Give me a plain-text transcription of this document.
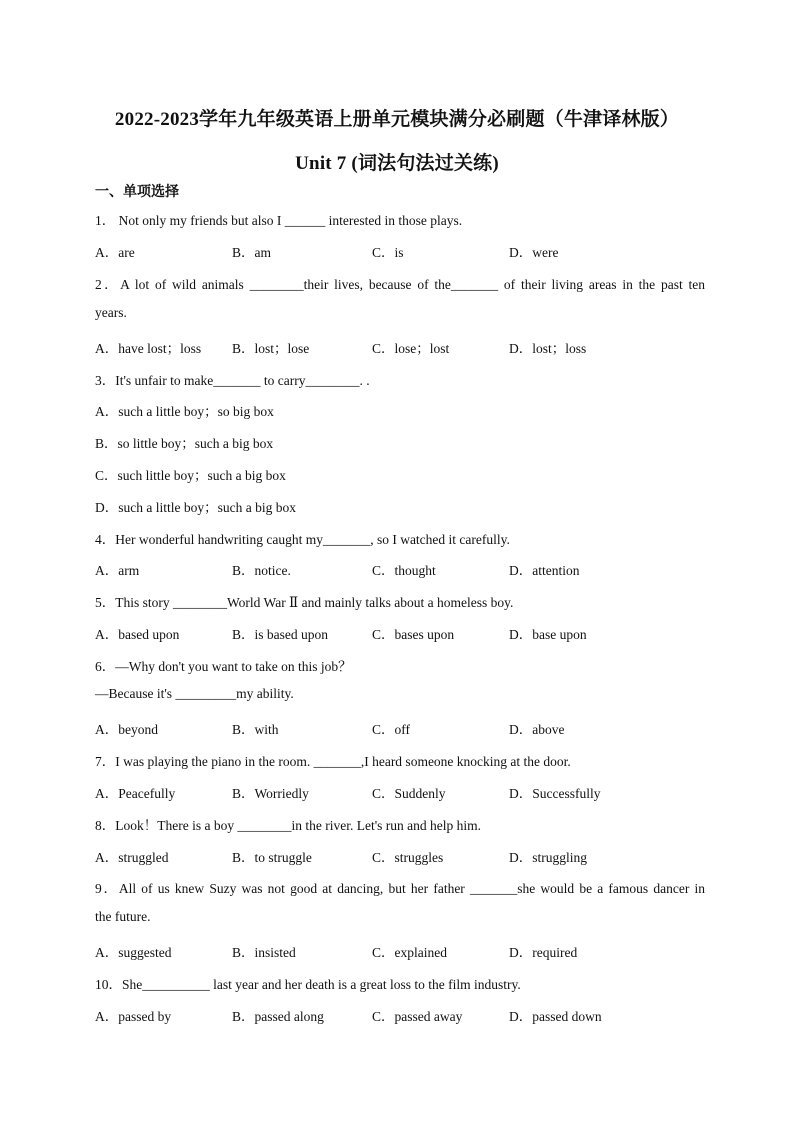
2022-2023学年九年级英语上册单元模块满分必刷题（牛津译林版）
Unit 7 (词法句法过关练)
一、单项选择
1． Not only my friends but also I ______ interested in those plays.
A．are	B．am	C．is	D．were
2．A lot of wild animals ________their lives, because of the_______ of their living areas in the past ten
years.
A．have lost；loss B．lost；lose	C．lose；lost	D．lost；loss
3．It's unfair to make_______ to carry________. .
A．such a little boy；so big box
B．so little boy；such a big box
C．such little boy；such a big box
D．such a little boy；such a big box
4．Her wonderful handwriting caught my_______, so I watched it carefully.
A．arm	B．notice.	C．thought	D．attention
5．This story ________World War Ⅱ and mainly talks about a homeless boy.
A．based upon	B．is based upon	C．bases upon	D．base upon
6．—Why don't you want to take on this job？
—Because it's _________my ability.
A．beyond	B．with	C．off	D．above
7．I was playing the piano in the room. _______,I heard someone knocking at the door.
A．Peacefully	B．Worriedly	C．Suddenly	D．Successfully
8．Look！There is a boy ________in the river. Let's run and help him.
A．struggled	B．to struggle	C．struggles	D．struggling
9．All of us knew Suzy was not good at dancing, but her father _______she would be a famous dancer in
the future.
A．suggested	B．insisted	C．explained	D．required
10．She__________ last year and her death is a great loss to the film industry.
A．passed by	B．passed along	C．passed away	D．passed down
